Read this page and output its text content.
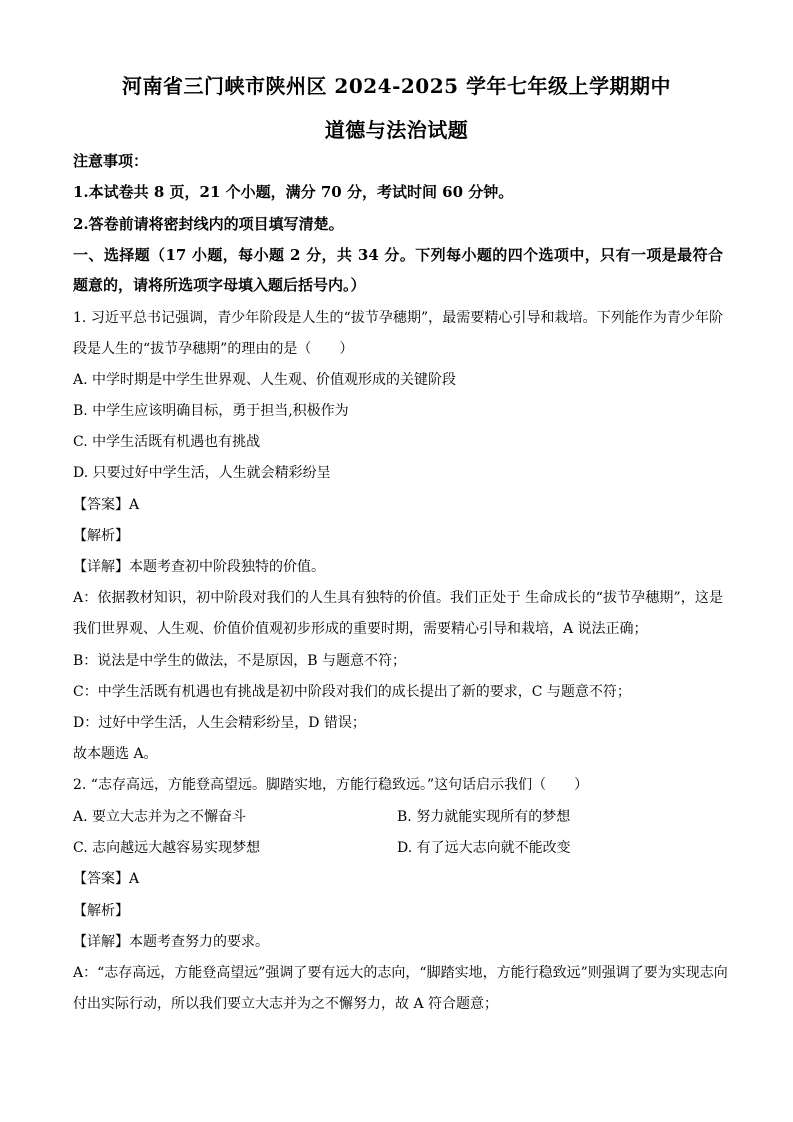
河南省三门峡市陕州区 2024-2025 学年七年级上学期期中
道德与法治试题
注意事项：
1.本试卷共 8 页，21 个小题，满分 70 分，考试时间 60 分钟。
2.答卷前请将密封线内的项目填写清楚。
一、选择题（17 小题，每小题 2 分，共 34 分。下列每小题的四个选项中，只有一项是最符合
题意的，请将所选项字母填入题后括号内。）
1. 习近平总书记强调，青少年阶段是人生的“拔节孕穗期”，最需要精心引导和栽培。下列能作为青少年阶
段是人生的“拔节孕穗期”的理由的是（　　）
A. 中学时期是中学生世界观、人生观、价值观形成的关键阶段
B. 中学生应该明确目标，勇于担当,积极作为
C. 中学生活既有机遇也有挑战
D. 只要过好中学生活，人生就会精彩纷呈
【答案】A
【解析】
【详解】本题考查初中阶段独特的价值。
A：依据教材知识，初中阶段对我们的人生具有独特的价值。我们正处于 生命成长的“拔节孕穗期”，这是
我们世界观、人生观、价值价值观初步形成的重要时期，需要精心引导和栽培，A 说法正确；
B：说法是中学生的做法，不是原因，B 与题意不符；
C：中学生活既有机遇也有挑战是初中阶段对我们的成长提出了新的要求，C 与题意不符；
D：过好中学生活，人生会精彩纷呈，D 错误；
故本题选 A。
2. “志存高远，方能登高望远。脚踏实地，方能行稳致远。”这句话启示我们（　　）
A. 要立大志并为之不懈奋斗	B. 努力就能实现所有的梦想
C. 志向越远大越容易实现梦想	D. 有了远大志向就不能改变
【答案】A
【解析】
【详解】本题考查努力的要求。
A：“志存高远，方能登高望远”强调了要有远大的志向，“脚踏实地，方能行稳致远”则强调了要为实现志向
付出实际行动，所以我们要立大志并为之不懈努力，故 A 符合题意；
